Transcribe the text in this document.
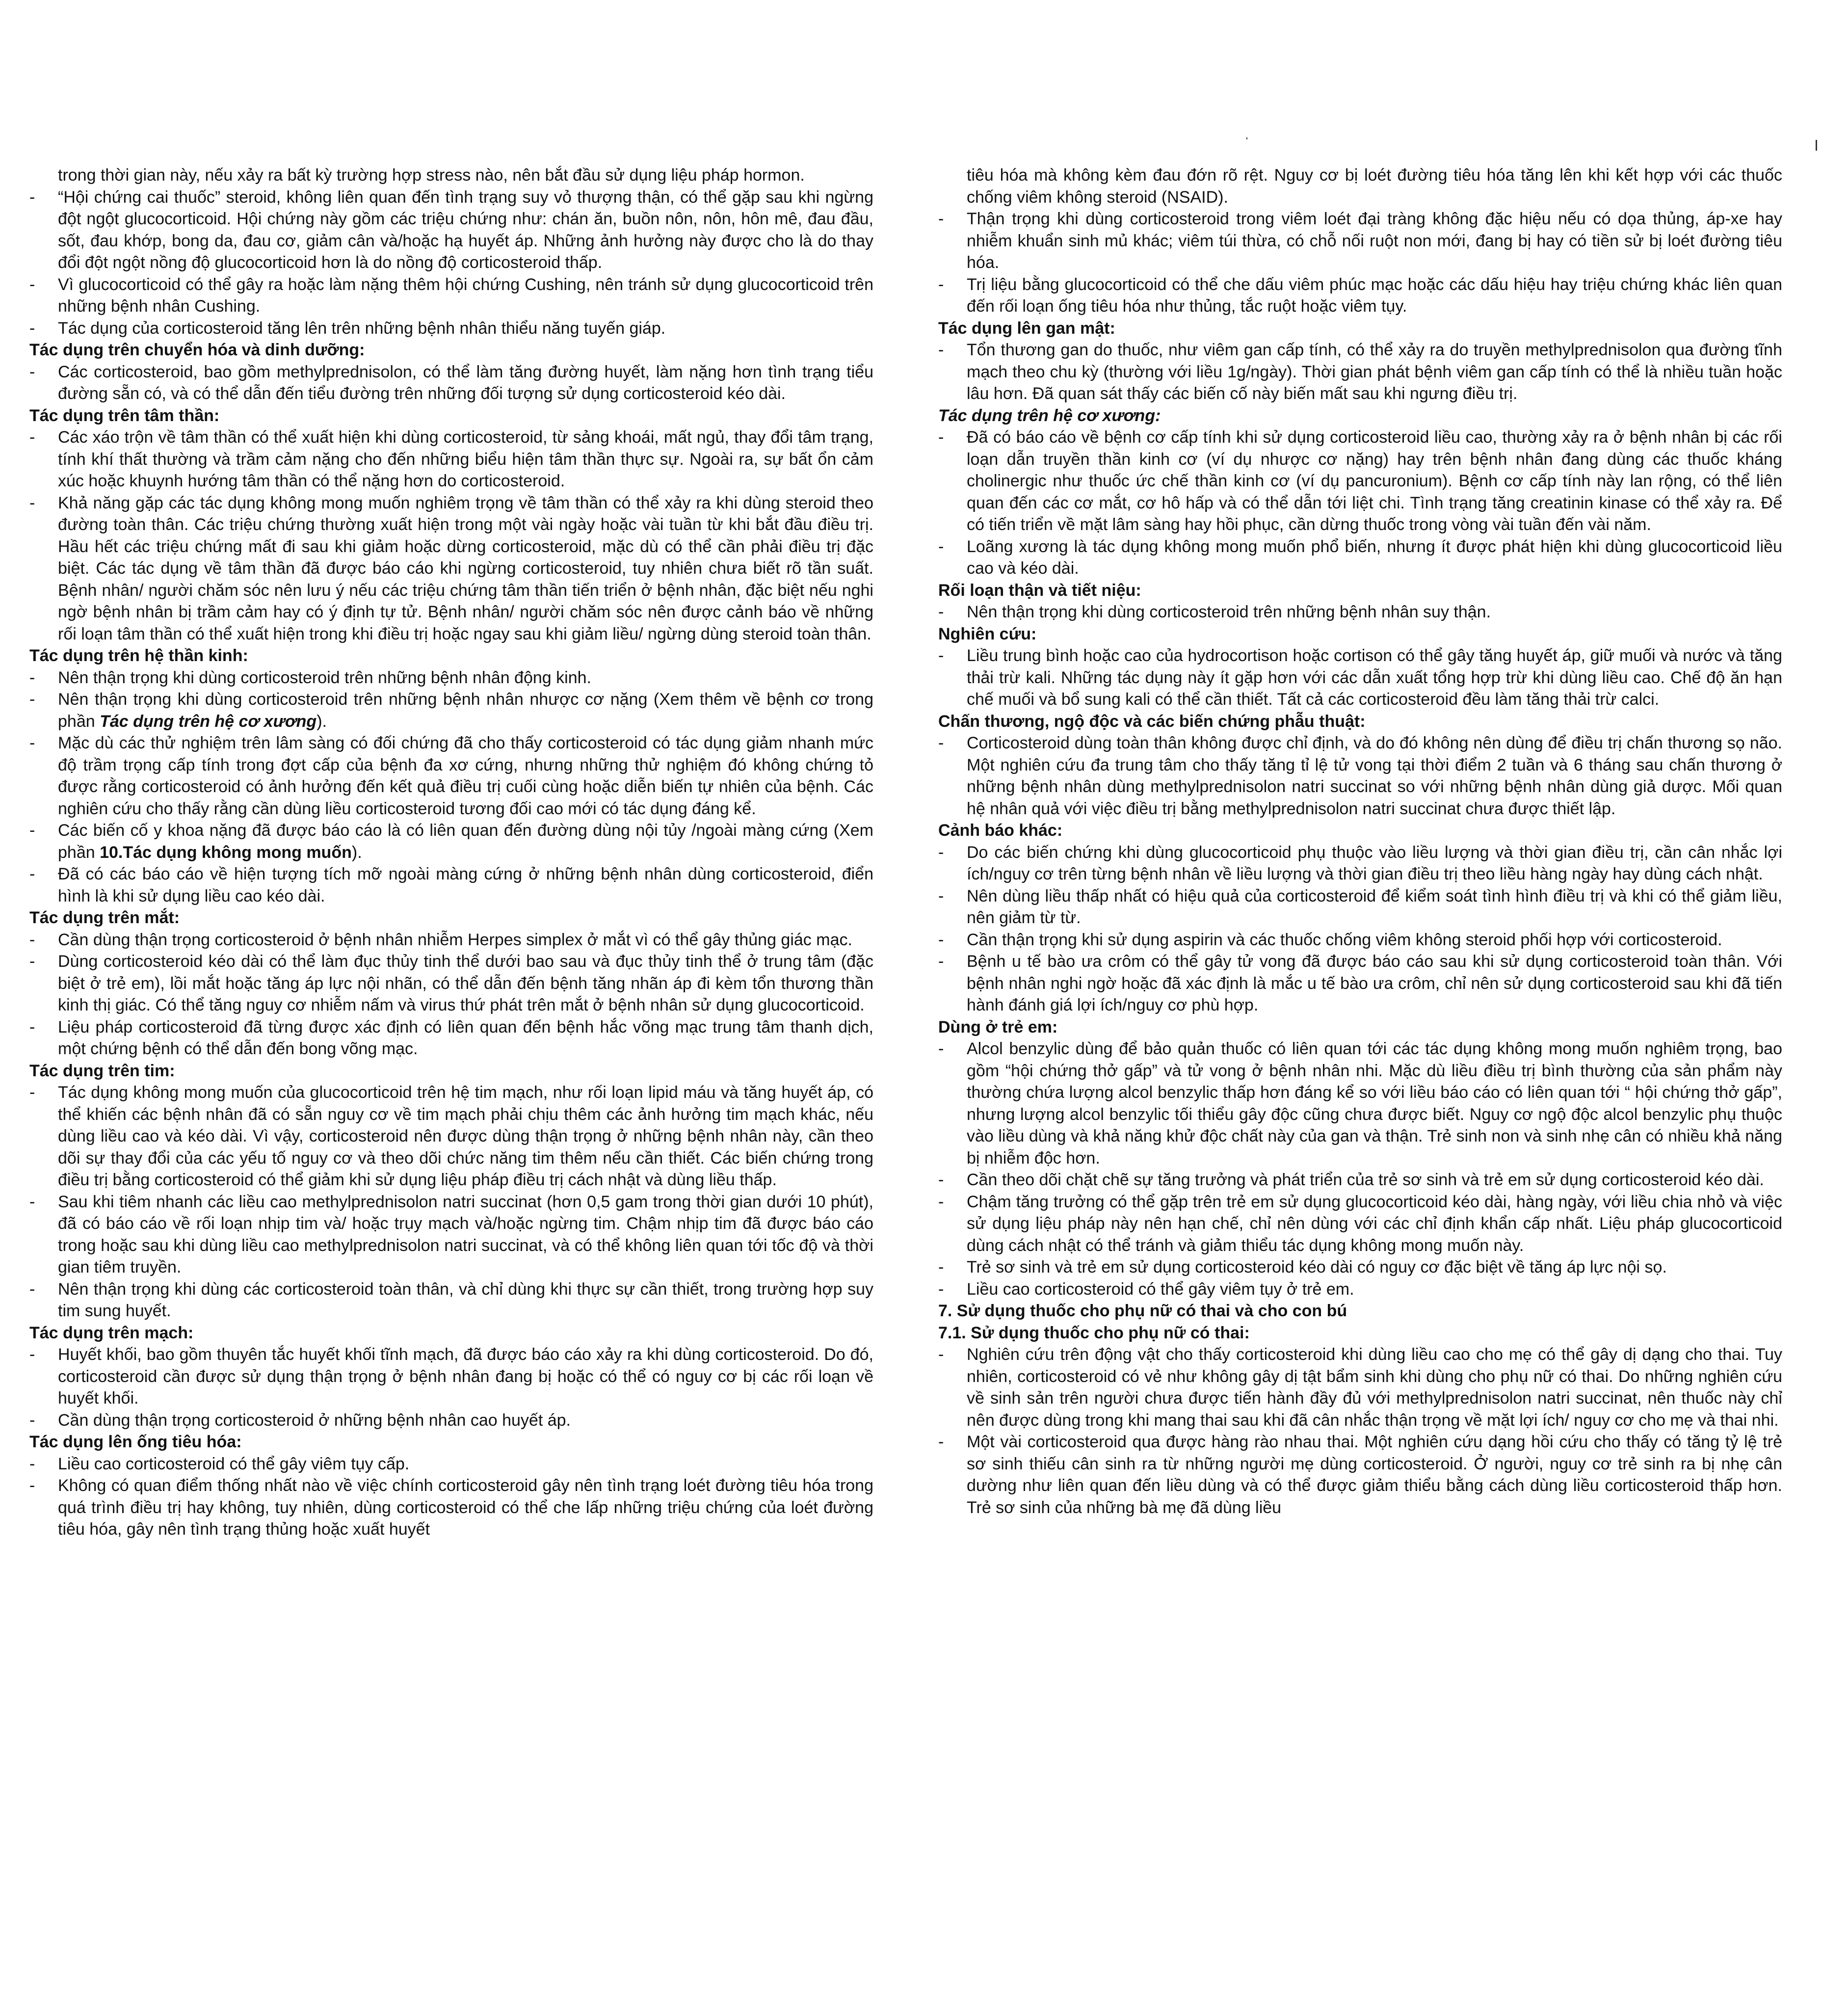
trong thời gian này, nếu xảy ra bất kỳ trường hợp stress nào, nên bắt đầu sử dụng liệu pháp hormon.

- “Hội chứng cai thuốc” steroid, không liên quan đến tình trạng suy vỏ thượng thận, có thể gặp sau khi ngừng đột ngột glucocorticoid. Hội chứng này gồm các triệu chứng như: chán ăn, buồn nôn, nôn, hôn mê, đau đầu, sốt, đau khớp, bong da, đau cơ, giảm cân và/hoặc hạ huyết áp. Những ảnh hưởng này được cho là do thay đổi đột ngột nồng độ glucocorticoid hơn là do nồng độ corticosteroid thấp.

- Vì glucocorticoid có thể gây ra hoặc làm nặng thêm hội chứng Cushing, nên tránh sử dụng glucocorticoid trên những bệnh nhân Cushing.

- Tác dụng của corticosteroid tăng lên trên những bệnh nhân thiểu năng tuyến giáp.

Tác dụng trên chuyển hóa và dinh dưỡng:

- Các corticosteroid, bao gồm methylprednisolon, có thể làm tăng đường huyết, làm nặng hơn tình trạng tiểu đường sẵn có, và có thể dẫn đến tiểu đường trên những đối tượng sử dụng corticosteroid kéo dài.

Tác dụng trên tâm thần:

- Các xáo trộn về tâm thần có thể xuất hiện khi dùng corticosteroid, từ sảng khoái, mất ngủ, thay đổi tâm trạng, tính khí thất thường và trầm cảm nặng cho đến những biểu hiện tâm thần thực sự. Ngoài ra, sự bất ổn cảm xúc hoặc khuynh hướng tâm thần có thể nặng hơn do corticosteroid.

- Khả năng gặp các tác dụng không mong muốn nghiêm trọng về tâm thần có thể xảy ra khi dùng steroid theo đường toàn thân. Các triệu chứng thường xuất hiện trong một vài ngày hoặc vài tuần từ khi bắt đầu điều trị. Hầu hết các triệu chứng mất đi sau khi giảm hoặc dừng corticosteroid, mặc dù có thể cần phải điều trị đặc biệt. Các tác dụng về tâm thần đã được báo cáo khi ngừng corticosteroid, tuy nhiên chưa biết rõ tần suất. Bệnh nhân/ người chăm sóc nên lưu ý nếu các triệu chứng tâm thần tiến triển ở bệnh nhân, đặc biệt nếu nghi ngờ bệnh nhân bị trầm cảm hay có ý định tự tử. Bệnh nhân/ người chăm sóc nên được cảnh báo về những rối loạn tâm thần có thể xuất hiện trong khi điều trị hoặc ngay sau khi giảm liều/ ngừng dùng steroid toàn thân.

Tác dụng trên hệ thần kinh:

- Nên thận trọng khi dùng corticosteroid trên những bệnh nhân động kinh.

- Nên thận trọng khi dùng corticosteroid trên những bệnh nhân nhược cơ nặng (Xem thêm về bệnh cơ trong phần Tác dụng trên hệ cơ xương).

- Mặc dù các thử nghiệm trên lâm sàng có đối chứng đã cho thấy corticosteroid có tác dụng giảm nhanh mức độ trầm trọng cấp tính trong đợt cấp của bệnh đa xơ cứng, nhưng những thử nghiệm đó không chứng tỏ được rằng corticosteroid có ảnh hưởng đến kết quả điều trị cuối cùng hoặc diễn biến tự nhiên của bệnh. Các nghiên cứu cho thấy rằng cần dùng liều corticosteroid tương đối cao mới có tác dụng đáng kể.

- Các biến cố y khoa nặng đã được báo cáo là có liên quan đến đường dùng nội tủy /ngoài màng cứng (Xem phần 10.Tác dụng không mong muốn).

- Đã có các báo cáo về hiện tượng tích mỡ ngoài màng cứng ở những bệnh nhân dùng corticosteroid, điển hình là khi sử dụng liều cao kéo dài.

Tác dụng trên mắt:

- Cần dùng thận trọng corticosteroid ở bệnh nhân nhiễm Herpes simplex ở mắt vì có thể gây thủng giác mạc.

- Dùng corticosteroid kéo dài có thể làm đục thủy tinh thể dưới bao sau và đục thủy tinh thể ở trung tâm (đặc biệt ở trẻ em), lồi mắt hoặc tăng áp lực nội nhãn, có thể dẫn đến bệnh tăng nhãn áp đi kèm tổn thương thần kinh thị giác. Có thể tăng nguy cơ nhiễm nấm và virus thứ phát trên mắt ở bệnh nhân sử dụng glucocorticoid.

- Liệu pháp corticosteroid đã từng được xác định có liên quan đến bệnh hắc võng mạc trung tâm thanh dịch, một chứng bệnh có thể dẫn đến bong võng mạc.

Tác dụng trên tim:

- Tác dụng không mong muốn của glucocorticoid trên hệ tim mạch, như rối loạn lipid máu và tăng huyết áp, có thể khiến các bệnh nhân đã có sẵn nguy cơ về tim mạch phải chịu thêm các ảnh hưởng tim mạch khác, nếu dùng liều cao và kéo dài. Vì vậy, corticosteroid nên được dùng thận trọng ở những bệnh nhân này, cần theo dõi sự thay đổi của các yếu tố nguy cơ và theo dõi chức năng tim thêm nếu cần thiết. Các biến chứng trong điều trị bằng corticosteroid có thể giảm khi sử dụng liệu pháp điều trị cách nhật và dùng liều thấp.

- Sau khi tiêm nhanh các liều cao methylprednisolon natri succinat (hơn 0,5 gam trong thời gian dưới 10 phút), đã có báo cáo về rối loạn nhịp tim và/ hoặc trụy mạch và/hoặc ngừng tim. Chậm nhịp tim đã được báo cáo trong hoặc sau khi dùng liều cao methylprednisolon natri succinat, và có thể không liên quan tới tốc độ và thời gian tiêm truyền.

- Nên thận trọng khi dùng các corticosteroid toàn thân, và chỉ dùng khi thực sự cần thiết, trong trường hợp suy tim sung huyết.

Tác dụng trên mạch:

- Huyết khối, bao gồm thuyên tắc huyết khối tĩnh mạch, đã được báo cáo xảy ra khi dùng corticosteroid. Do đó, corticosteroid cần được sử dụng thận trọng ở bệnh nhân đang bị hoặc có thể có nguy cơ bị các rối loạn về huyết khối.

- Cần dùng thận trọng corticosteroid ở những bệnh nhân cao huyết áp.

Tác dụng lên ống tiêu hóa:

- Liều cao corticosteroid có thể gây viêm tụy cấp.

- Không có quan điểm thống nhất nào về việc chính corticosteroid gây nên tình trạng loét đường tiêu hóa trong quá trình điều trị hay không, tuy nhiên, dùng corticosteroid có thể che lấp những triệu chứng của loét đường tiêu hóa, gây nên tình trạng thủng hoặc xuất huyết

tiêu hóa mà không kèm đau đớn rõ rệt. Nguy cơ bị loét đường tiêu hóa tăng lên khi kết hợp với các thuốc chống viêm không steroid (NSAID).

- Thận trọng khi dùng corticosteroid trong viêm loét đại tràng không đặc hiệu nếu có dọa thủng, áp-xe hay nhiễm khuẩn sinh mủ khác; viêm túi thừa, có chỗ nối ruột non mới, đang bị hay có tiền sử bị loét đường tiêu hóa.

- Trị liệu bằng glucocorticoid có thể che dấu viêm phúc mạc hoặc các dấu hiệu hay triệu chứng khác liên quan đến rối loạn ống tiêu hóa như thủng, tắc ruột hoặc viêm tụy.

Tác dụng lên gan mật:

- Tổn thương gan do thuốc, như viêm gan cấp tính, có thể xảy ra do truyền methylprednisolon qua đường tĩnh mạch theo chu kỳ (thường với liều 1g/ngày). Thời gian phát bệnh viêm gan cấp tính có thể là nhiều tuần hoặc lâu hơn. Đã quan sát thấy các biến cố này biến mất sau khi ngưng điều trị.

Tác dụng trên hệ cơ xương:

- Đã có báo cáo về bệnh cơ cấp tính khi sử dụng corticosteroid liều cao, thường xảy ra ở bệnh nhân bị các rối loạn dẫn truyền thần kinh cơ (ví dụ nhược cơ nặng) hay trên bệnh nhân đang dùng các thuốc kháng cholinergic như thuốc ức chế thần kinh cơ (ví dụ pancuronium). Bệnh cơ cấp tính này lan rộng, có thể liên quan đến các cơ mắt, cơ hô hấp và có thể dẫn tới liệt chi. Tình trạng tăng creatinin kinase có thể xảy ra. Để có tiến triển về mặt lâm sàng hay hồi phục, cần dừng thuốc trong vòng vài tuần đến vài năm.

- Loãng xương là tác dụng không mong muốn phổ biến, nhưng ít được phát hiện khi dùng glucocorticoid liều cao và kéo dài.

Rối loạn thận và tiết niệu:

- Nên thận trọng khi dùng corticosteroid trên những bệnh nhân suy thận.

Nghiên cứu:

- Liều trung bình hoặc cao của hydrocortison hoặc cortison có thể gây tăng huyết áp, giữ muối và nước và tăng thải trừ kali. Những tác dụng này ít gặp hơn với các dẫn xuất tổng hợp trừ khi dùng liều cao. Chế độ ăn hạn chế muối và bổ sung kali có thể cần thiết. Tất cả các corticosteroid đều làm tăng thải trừ calci.

Chấn thương, ngộ độc và các biến chứng phẫu thuật:

- Corticosteroid dùng toàn thân không được chỉ định, và do đó không nên dùng để điều trị chấn thương sọ não. Một nghiên cứu đa trung tâm cho thấy tăng tỉ lệ tử vong tại thời điểm 2 tuần và 6 tháng sau chấn thương ở những bệnh nhân dùng methylprednisolon natri succinat so với những bệnh nhân dùng giả dược. Mối quan hệ nhân quả với việc điều trị bằng methylprednisolon natri succinat chưa được thiết lập.

Cảnh báo khác:

- Do các biến chứng khi dùng glucocorticoid phụ thuộc vào liều lượng và thời gian điều trị, cần cân nhắc lợi ích/nguy cơ trên từng bệnh nhân về liều lượng và thời gian điều trị theo liều hàng ngày hay dùng cách nhật.

- Nên dùng liều thấp nhất có hiệu quả của corticosteroid để kiểm soát tình hình điều trị và khi có thể giảm liều, nên giảm từ từ.

- Cần thận trọng khi sử dụng aspirin và các thuốc chống viêm không steroid phối hợp với corticosteroid.

- Bệnh u tế bào ưa crôm có thể gây tử vong đã được báo cáo sau khi sử dụng corticosteroid toàn thân. Với bệnh nhân nghi ngờ hoặc đã xác định là mắc u tế bào ưa crôm, chỉ nên sử dụng corticosteroid sau khi đã tiến hành đánh giá lợi ích/nguy cơ phù hợp.

Dùng ở trẻ em:

- Alcol benzylic dùng để bảo quản thuốc có liên quan tới các tác dụng không mong muốn nghiêm trọng, bao gồm “hội chứng thở gấp” và tử vong ở bệnh nhân nhi. Mặc dù liều điều trị bình thường của sản phẩm này thường chứa lượng alcol benzylic thấp hơn đáng kể so với liều báo cáo có liên quan tới “ hội chứng thở gấp”, nhưng lượng alcol benzylic tối thiểu gây độc cũng chưa được biết. Nguy cơ ngộ độc alcol benzylic phụ thuộc vào liều dùng và khả năng khử độc chất này của gan và thận. Trẻ sinh non và sinh nhẹ cân có nhiều khả năng bị nhiễm độc hơn.

- Cần theo dõi chặt chẽ sự tăng trưởng và phát triển của trẻ sơ sinh và trẻ em sử dụng corticosteroid kéo dài.

- Chậm tăng trưởng có thể gặp trên trẻ em sử dụng glucocorticoid kéo dài, hàng ngày, với liều chia nhỏ và việc sử dụng liệu pháp này nên hạn chế, chỉ nên dùng với các chỉ định khẩn cấp nhất. Liệu pháp glucocorticoid dùng cách nhật có thể tránh và giảm thiểu tác dụng không mong muốn này.

- Trẻ sơ sinh và trẻ em sử dụng corticosteroid kéo dài có nguy cơ đặc biệt về tăng áp lực nội sọ.

- Liều cao corticosteroid có thể gây viêm tụy ở trẻ em.

7. Sử dụng thuốc cho phụ nữ có thai và cho con bú

7.1. Sử dụng thuốc cho phụ nữ có thai:

- Nghiên cứu trên động vật cho thấy corticosteroid khi dùng liều cao cho mẹ có thể gây dị dạng cho thai. Tuy nhiên, corticosteroid có vẻ như không gây dị tật bẩm sinh khi dùng cho phụ nữ có thai. Do những nghiên cứu về sinh sản trên người chưa được tiến hành đầy đủ với methylprednisolon natri succinat, nên thuốc này chỉ nên được dùng trong khi mang thai sau khi đã cân nhắc thận trọng về mặt lợi ích/ nguy cơ cho mẹ và thai nhi.

- Một vài corticosteroid qua được hàng rào nhau thai. Một nghiên cứu dạng hồi cứu cho thấy có tăng tỷ lệ trẻ sơ sinh thiếu cân sinh ra từ những người mẹ dùng corticosteroid. Ở người, nguy cơ trẻ sinh ra bị nhẹ cân dường như liên quan đến liều dùng và có thể được giảm thiểu bằng cách dùng liều corticosteroid thấp hơn. Trẻ sơ sinh của những bà mẹ đã dùng liều
